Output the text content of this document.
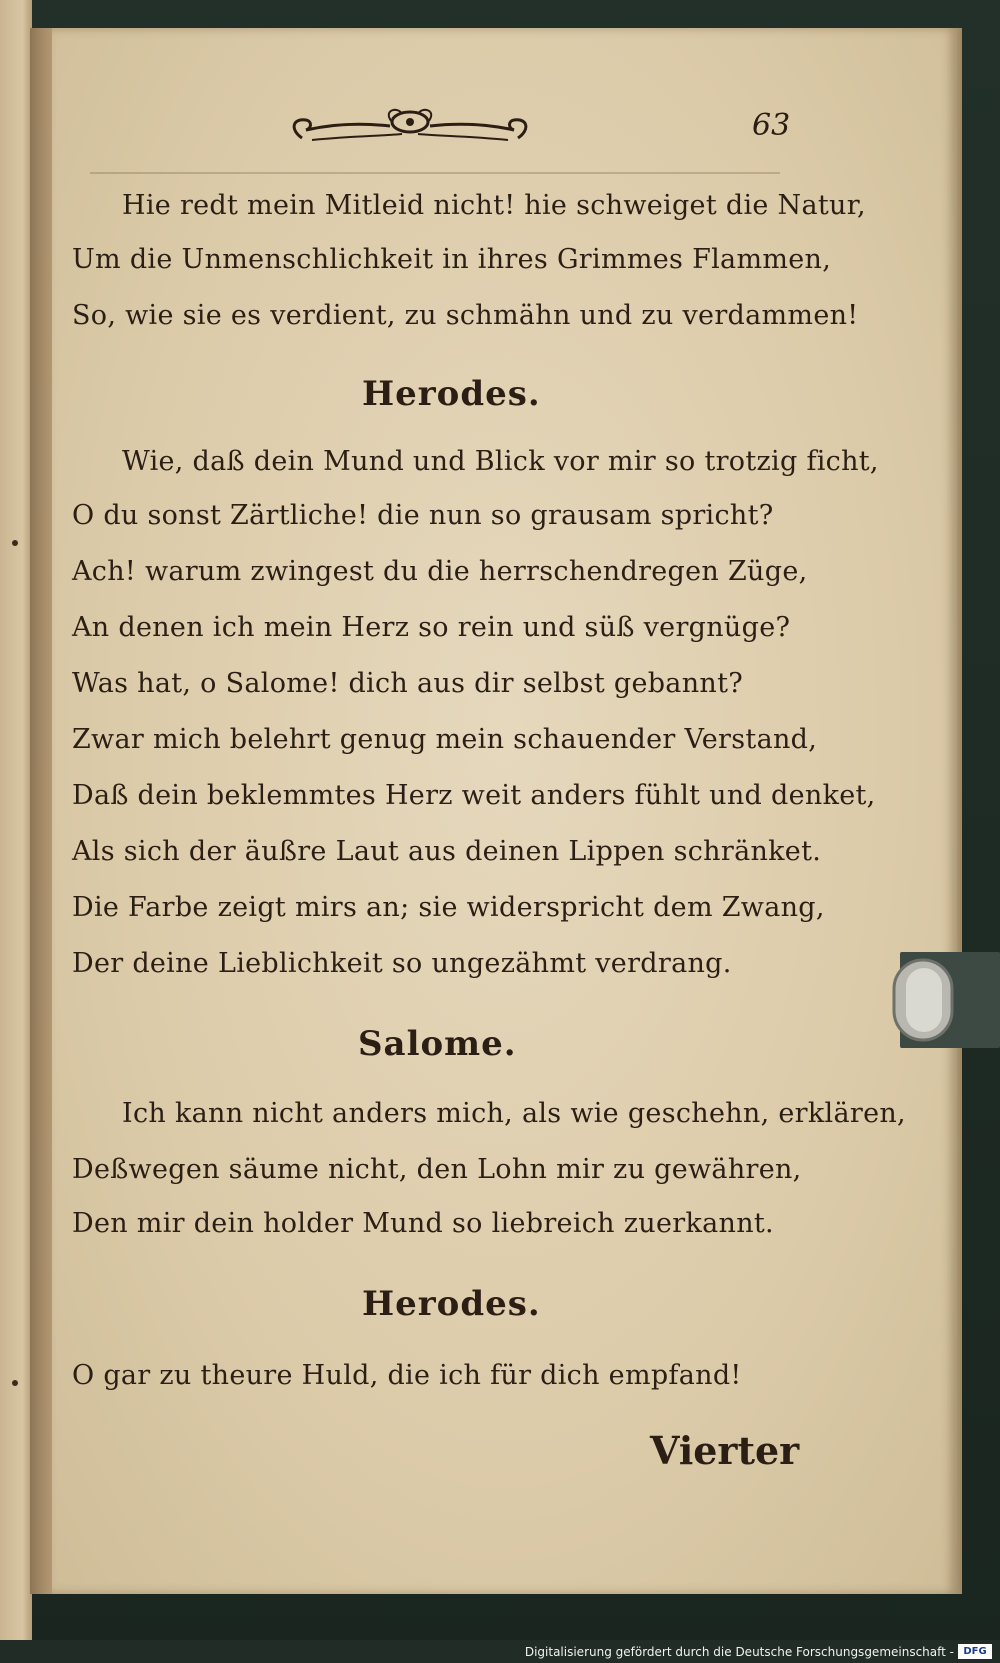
63
Hie redt mein Mitleid nicht! hie schweiget die Natur,
Um die Unmenschlichkeit in ihres Grimmes Flammen,
So, wie sie es verdient, zu schmähn und zu verdammen!
Herodes.
Wie, daß dein Mund und Blick vor mir so trotzig ficht,
O du sonst Zärtliche! die nun so grausam spricht?
Ach! warum zwingest du die herrschendregen Züge,
An denen ich mein Herz so rein und süß vergnüge?
Was hat, o Salome! dich aus dir selbst gebannt?
Zwar mich belehrt genug mein schauender Verstand,
Daß dein beklemmtes Herz weit anders fühlt und denket,
Als sich der äußre Laut aus deinen Lippen schränket.
Die Farbe zeigt mirs an; sie widerspricht dem Zwang,
Der deine Lieblichkeit so ungezähmt verdrang.
Salome.
Ich kann nicht anders mich, als wie geschehn, erklären,
Deßwegen säume nicht, den Lohn mir zu gewähren,
Den mir dein holder Mund so liebreich zuerkannt.
Herodes.
O gar zu theure Huld, die ich für dich empfand!
Vierter
Digitalisierung gefördert durch die Deutsche Forschungsgemeinschaft - DFG
